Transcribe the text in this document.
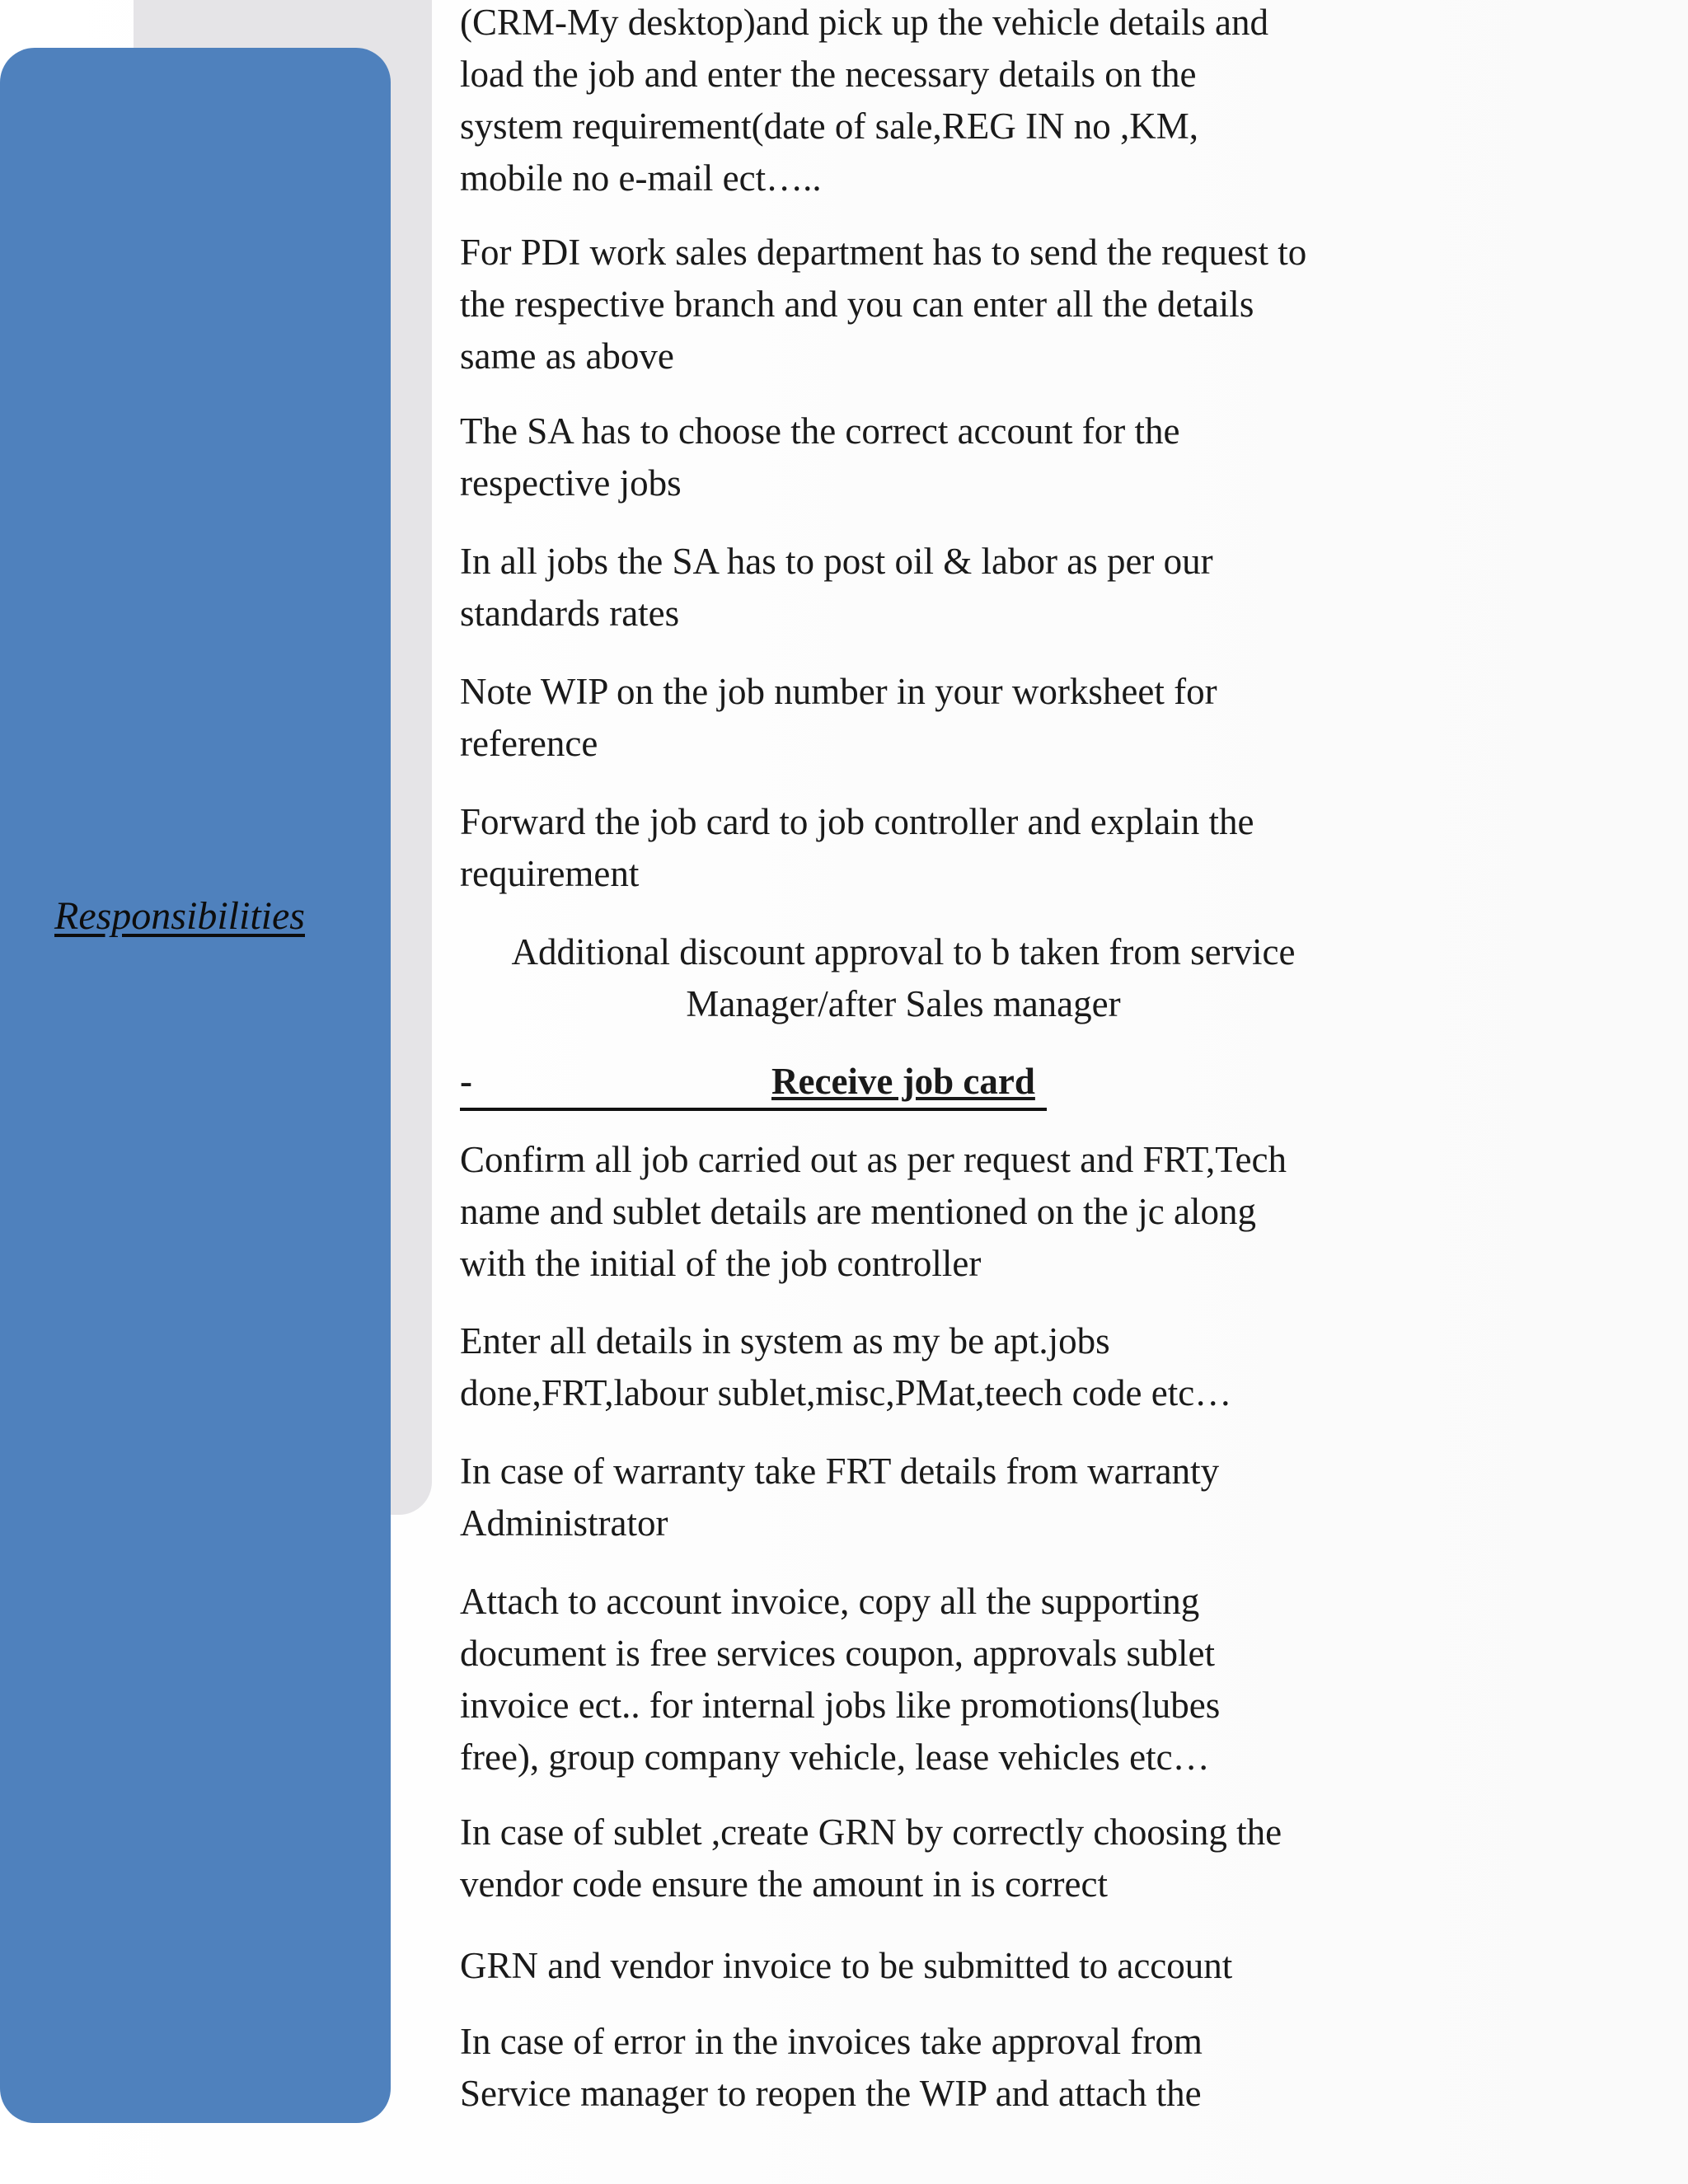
Responsibilities
(CRM-My desktop)and pick up the vehicle details and
load the job and enter the necessary details on the
system requirement(date of sale,REG IN no ,KM,
mobile no e-mail ect…..
For PDI work sales department has to send the request to
the respective branch and you can enter all the details
same as above
The SA has to choose the correct account for the
respective jobs
In all jobs the SA has to post oil & labor as per our
standards rates
Note WIP on the job number in your worksheet for
reference
Forward the job card to job controller and explain the
requirement
Additional discount approval to b taken from service
Manager/after Sales manager
-	Receive job card
Confirm all job carried out as per request and FRT,Tech
name and sublet details are mentioned on the jc along
with the initial of the job controller
Enter all details in system as my be apt.jobs
done,FRT,labour sublet,misc,PMat,teech code etc…
In case of warranty take FRT details from warranty
Administrator
Attach to account invoice, copy all the supporting
document is free services coupon, approvals sublet
invoice ect.. for internal jobs like promotions(lubes
free), group company vehicle, lease vehicles etc…
In case of sublet ,create GRN by correctly choosing the
vendor code ensure the amount in is correct
GRN and vendor invoice to be submitted to account
In case of error in the invoices take approval from
Service manager to reopen the WIP and attach the
